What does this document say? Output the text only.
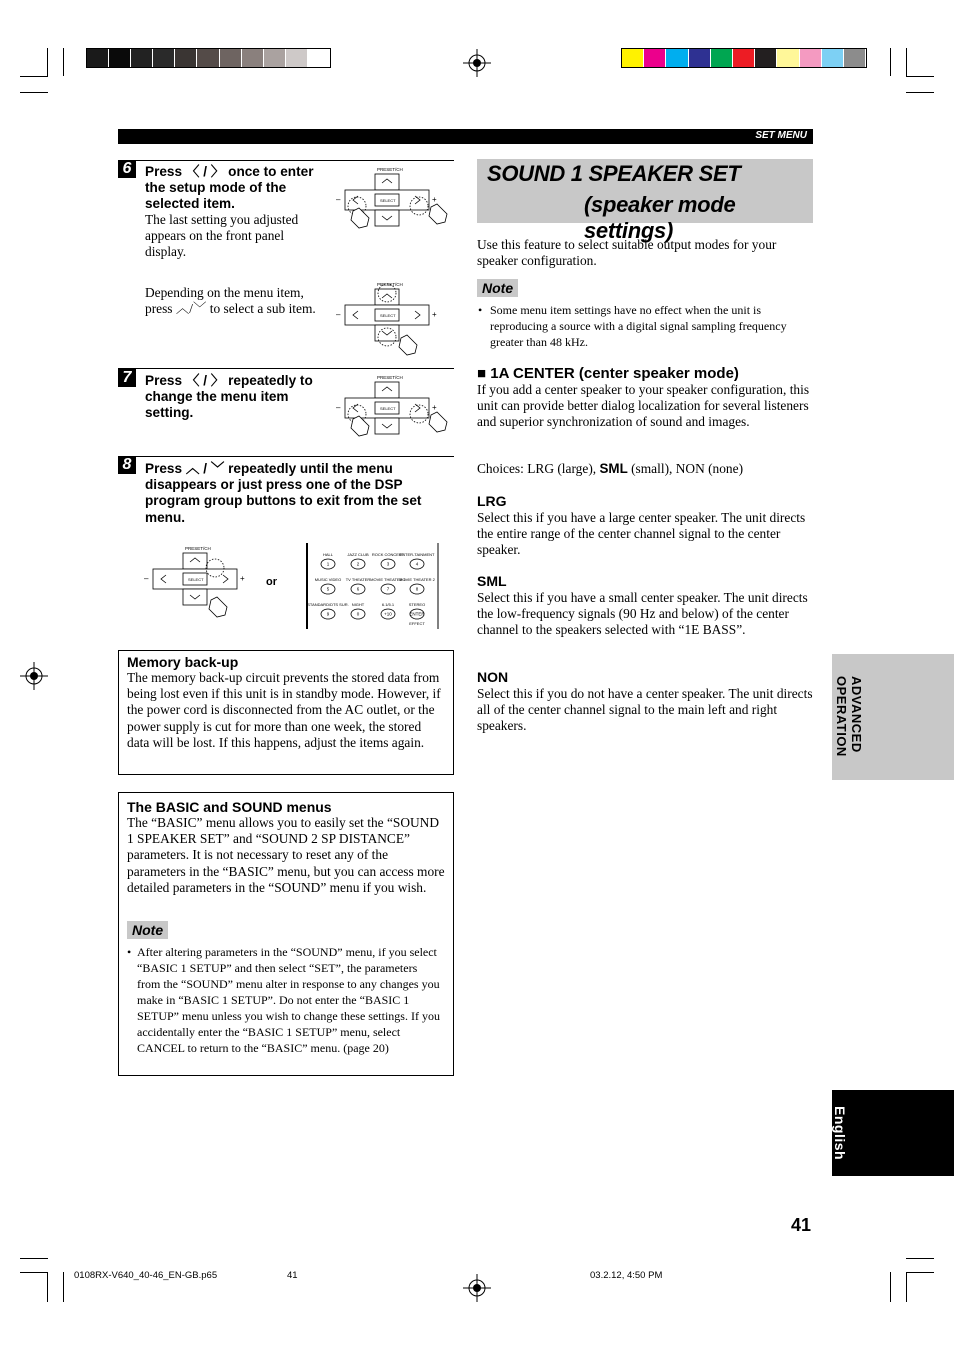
SET MENU
6 Press 〈 / 〉 once to enter the setup mode of the selected item.
The last setting you adjusted appears on the front panel display.
Depending on the menu item, press ︿/﹀ to select a sub item.
PRESET/CH
SELECT
–	+
PRESET/CH
SELECT
–	+
7 Press 〈 / 〉 repeatedly to change the menu item setting.
PRESET/CH
SELECT
–	+
8 Press ︿ / ﹀ repeatedly until the menu disappears or just press one of the DSP program group buttons to exit from the set menu.
PRESET/CH
SELECT
–	+ or
HALL
1
JAZZ CLUB
2
ROCK CONCERT
3
ENTER-TAINMENT
4
MUSIC VIDEO
5
TV THEATER
6
MOVIE THEATER 1
7
MOVIE THEATER 2
8
STANDARD/DTS SUR.
9
NIGHT
0
6.1/5.1
+10
STEREO
ENTER
EFFECT
Memory back-up
The memory back-up circuit prevents the stored data from being lost even if this unit is in standby mode. However, if the power cord is disconnected from the AC outlet, or the power supply is cut for more than one week, the stored data will be lost. If this happens, adjust the items again.
The BASIC and SOUND menus
The “BASIC” menu allows you to easily set the “SOUND 1 SPEAKER SET” and “SOUND 2 SP DISTANCE” parameters. It is not necessary to reset any of the parameters in the “BASIC” menu, but you can access more detailed parameters in the “SOUND” menu if you wish.
Note
• After altering parameters in the “SOUND” menu, if you select “BASIC 1 SETUP” and then select “SET”, the parameters from the “SOUND” menu alter in response to any changes you make in “BASIC 1 SETUP”. Do not enter the “BASIC 1 SETUP” menu unless you wish to change these settings. If you accidentally enter the “BASIC 1 SETUP” menu, select CANCEL to return to the “BASIC” menu. (page 20)
SOUND 1 SPEAKER SET
(speaker mode settings)
Use this feature to select suitable output modes for your speaker configuration.
Note
• Some menu item settings have no effect when the unit is reproducing a source with a digital signal sampling frequency greater than 48 kHz.
■ 1A CENTER (center speaker mode)
If you add a center speaker to your speaker configuration, this unit can provide better dialog localization for several listeners and superior synchronization of sound and images.
Choices: LRG (large), SML (small), NON (none)
LRG
Select this if you have a large center speaker. The unit directs the entire range of the center channel signal to the center speaker.
SML
Select this if you have a small center speaker. The unit directs the low-frequency signals (90 Hz and below) of the center channel to the speakers selected with “1E BASS”.
NON
Select this if you do not have a center speaker. The unit directs all of the center channel signal to the main left and right speakers.	ADVANCED OPERATION
English
41
0108RX-V640_40-46_EN-GB.p65	41	03.2.12, 4:50 PM
